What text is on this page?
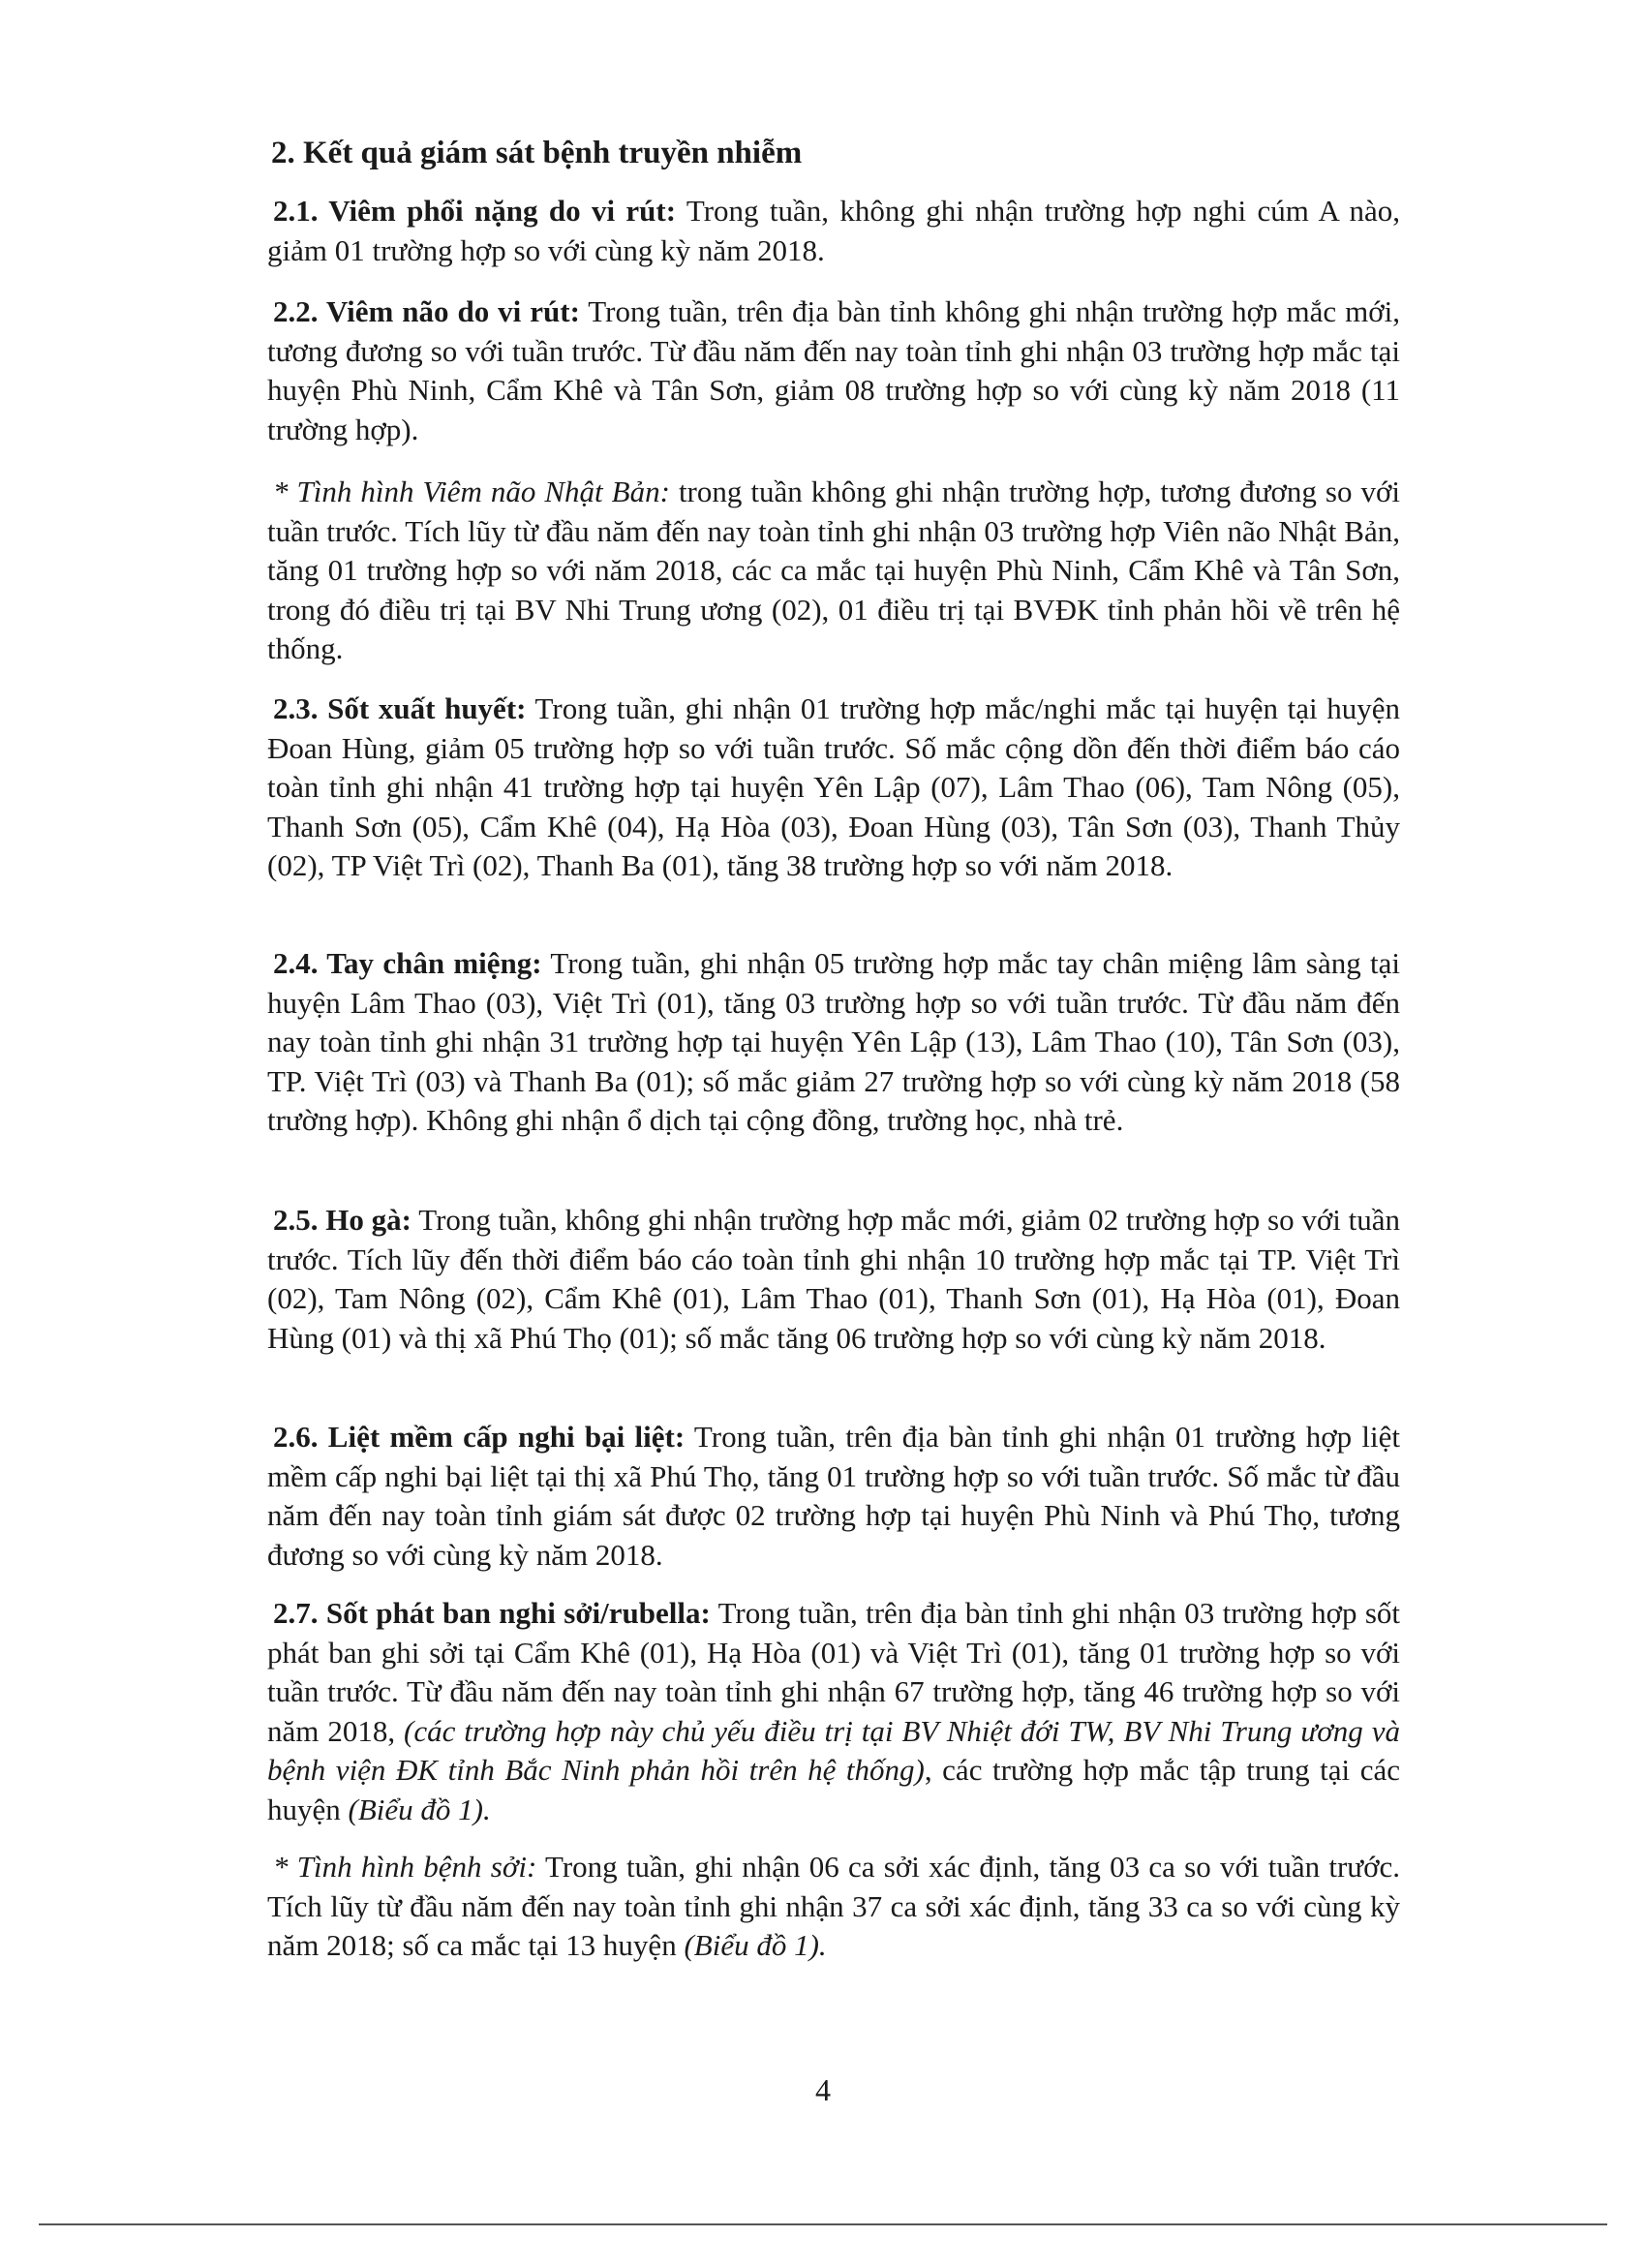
2. Kết quả giám sát bệnh truyền nhiễm

2.1. Viêm phổi nặng do vi rút: Trong tuần, không ghi nhận trường hợp nghi cúm A nào, giảm 01 trường hợp so với cùng kỳ năm 2018.

2.2. Viêm não do vi rút: Trong tuần, trên địa bàn tỉnh không ghi nhận trường hợp mắc mới, tương đương so với tuần trước. Từ đầu năm đến nay toàn tỉnh ghi nhận 03 trường hợp mắc tại huyện Phù Ninh, Cẩm Khê và Tân Sơn, giảm 08 trường hợp so với cùng kỳ năm 2018 (11 trường hợp).

* Tình hình Viêm não Nhật Bản: trong tuần không ghi nhận trường hợp, tương đương so với tuần trước. Tích lũy từ đầu năm đến nay toàn tỉnh ghi nhận 03 trường hợp Viên não Nhật Bản, tăng 01 trường hợp so với năm 2018, các ca mắc tại huyện Phù Ninh, Cẩm Khê và Tân Sơn, trong đó điều trị tại BV Nhi Trung ương (02), 01 điều trị tại BVĐK tỉnh phản hồi về trên hệ thống.

2.3. Sốt xuất huyết: Trong tuần, ghi nhận 01 trường hợp mắc/nghi mắc tại huyện tại huyện Đoan Hùng, giảm 05 trường hợp so với tuần trước. Số mắc cộng dồn đến thời điểm báo cáo toàn tỉnh ghi nhận 41 trường hợp tại huyện Yên Lập (07), Lâm Thao (06), Tam Nông (05), Thanh Sơn (05), Cẩm Khê (04), Hạ Hòa (03), Đoan Hùng (03), Tân Sơn (03), Thanh Thủy (02), TP Việt Trì (02), Thanh Ba (01), tăng 38 trường hợp so với năm 2018.

2.4. Tay chân miệng: Trong tuần, ghi nhận 05 trường hợp mắc tay chân miệng lâm sàng tại huyện Lâm Thao (03), Việt Trì (01), tăng 03 trường hợp so với tuần trước. Từ đầu năm đến nay toàn tỉnh ghi nhận 31 trường hợp tại huyện Yên Lập (13), Lâm Thao (10), Tân Sơn (03), TP. Việt Trì (03) và Thanh Ba (01); số mắc giảm 27 trường hợp so với cùng kỳ năm 2018 (58 trường hợp). Không ghi nhận ổ dịch tại cộng đồng, trường học, nhà trẻ.

2.5. Ho gà: Trong tuần, không ghi nhận trường hợp mắc mới, giảm 02 trường hợp so với tuần trước. Tích lũy đến thời điểm báo cáo toàn tỉnh ghi nhận 10 trường hợp mắc tại TP. Việt Trì (02), Tam Nông (02), Cẩm Khê (01), Lâm Thao (01), Thanh Sơn (01), Hạ Hòa (01), Đoan Hùng (01) và thị xã Phú Thọ (01); số mắc tăng 06 trường hợp so với cùng kỳ năm 2018.

2.6. Liệt mềm cấp nghi bại liệt: Trong tuần, trên địa bàn tỉnh ghi nhận 01 trường hợp liệt mềm cấp nghi bại liệt tại thị xã Phú Thọ, tăng 01 trường hợp so với tuần trước. Số mắc từ đầu năm đến nay toàn tỉnh giám sát được 02 trường hợp tại huyện Phù Ninh và Phú Thọ, tương đương so với cùng kỳ năm 2018.

2.7. Sốt phát ban nghi sởi/rubella: Trong tuần, trên địa bàn tỉnh ghi nhận 03 trường hợp sốt phát ban ghi sởi tại Cẩm Khê (01), Hạ Hòa (01) và Việt Trì (01), tăng 01 trường hợp so với tuần trước. Từ đầu năm đến nay toàn tỉnh ghi nhận 67 trường hợp, tăng 46 trường hợp so với năm 2018, (các trường hợp này chủ yếu điều trị tại BV Nhiệt đới TW, BV Nhi Trung ương và bệnh viện ĐK tỉnh Bắc Ninh phản hồi trên hệ thống), các trường hợp mắc tập trung tại các huyện (Biểu đồ 1).

* Tình hình bệnh sởi: Trong tuần, ghi nhận 06 ca sởi xác định, tăng 03 ca so với tuần trước. Tích lũy từ đầu năm đến nay toàn tỉnh ghi nhận 37 ca sởi xác định, tăng 33 ca so với cùng kỳ năm 2018; số ca mắc tại 13 huyện (Biểu đồ 1).

4
